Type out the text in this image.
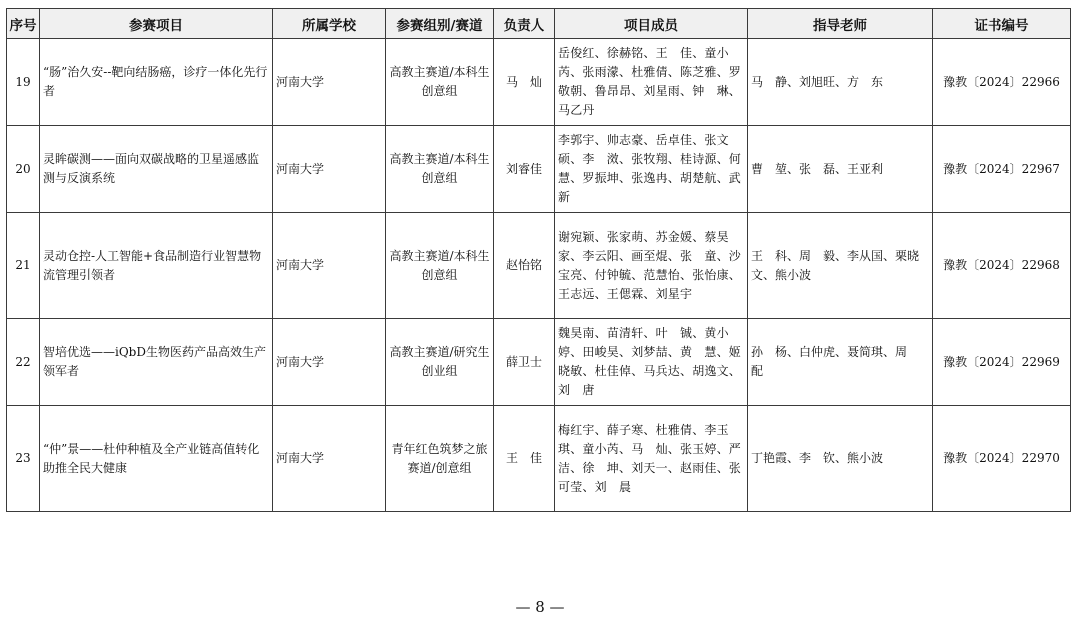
序号	参赛项目	所属学校	参赛组别/赛道	负责人	项目成员	指导老师	证书编号
19	“肠”治久安--靶向结肠癌，诊疗一体化先行者	河南大学	高教主赛道/本科生创意组	马　灿	岳俊红、徐赫铭、王　佳、童小芮、张雨濛、杜雅倩、陈芝雅、罗敬朝、鲁昂昂、刘星雨、钟　琳、马乙丹	马　静、刘旭旺、方　东	豫教〔2024〕22966
20	灵眸碳测——面向双碳战略的卫星遥感监测与反演系统	河南大学	高教主赛道/本科生创意组	刘睿佳	李郭宇、帅志豪、岳卓佳、张文硕、李　滧、张牧翔、桂诗源、何　慧、罗振坤、张逸冉、胡楚航、武　新	曹　堃、张　磊、王亚利	豫教〔2024〕22967
21	灵动仓控-人工智能+食品制造行业智慧物流管理引领者	河南大学	高教主赛道/本科生创意组	赵怡铭	谢宛颖、张家萌、苏金媛、蔡昊家、李云阳、画至焜、张　童、沙宝亮、付钟毓、范慧怡、张怡康、王志远、王偲霖、刘星宇	王　科、周　毅、李从国、栗晓文、熊小波	豫教〔2024〕22968
22	智培优选——iQbD生物医药产品高效生产领军者	河南大学	高教主赛道/研究生创业组	薛卫士	魏昊南、苗清轩、叶　铖、黄小婷、田峻昊、刘梦喆、黄　慧、姬晓敏、杜佳倬、马兵达、胡逸文、刘　唐	孙　杨、白仲虎、聂简琪、周　配	豫教〔2024〕22969
23	“仲”景——杜仲种植及全产业链高值转化助推全民大健康	河南大学	青年红色筑梦之旅赛道/创意组	王　佳	梅红宇、薛子寒、杜雅倩、李玉琪、童小芮、马　灿、张玉婷、严　洁、徐　坤、刘天一、赵雨佳、张可莹、刘　晨	丁艳霞、李　钦、熊小波	豫教〔2024〕22970
— 8 —
